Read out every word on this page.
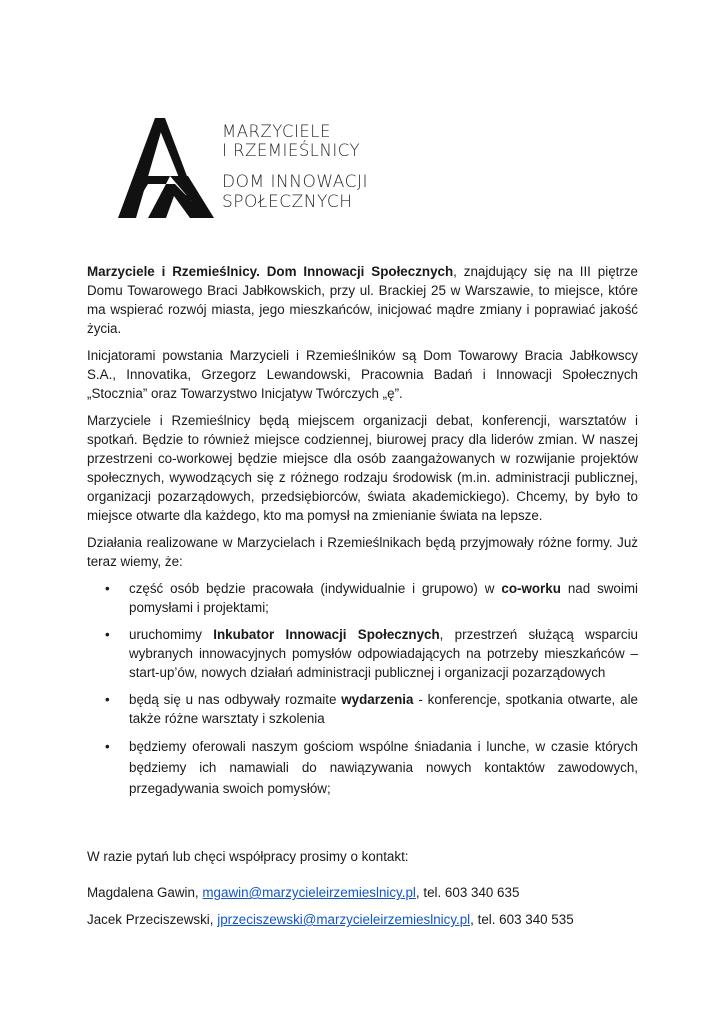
MARZYCIELE
I RZEMIEŚLNICY
DOM INNOWACJI
SPOŁECZNYCH

Marzyciele i Rzemieślnicy. Dom Innowacji Społecznych, znajdujący się na III piętrze Domu Towarowego Braci Jabłkowskich, przy ul. Brackiej 25 w Warszawie, to miejsce, które ma wspierać rozwój miasta, jego mieszkańców, inicjować mądre zmiany i poprawiać jakość życia.

Inicjatorami powstania Marzycieli i Rzemieślników są Dom Towarowy Bracia Jabłkowscy S.A., Innovatika, Grzegorz Lewandowski, Pracownia Badań i Innowacji Społecznych „Stocznia” oraz Towarzystwo Inicjatyw Twórczych „ę”.

Marzyciele i Rzemieślnicy będą miejscem organizacji debat, konferencji, warsztatów i spotkań. Będzie to również miejsce codziennej, biurowej pracy dla liderów zmian. W naszej przestrzeni co-workowej będzie miejsce dla osób zaangażowanych w rozwijanie projektów społecznych, wywodzących się z różnego rodzaju środowisk (m.in. administracji publicznej, organizacji pozarządowych, przedsiębiorców, świata akademickiego). Chcemy, by było to miejsce otwarte dla każdego, kto ma pomysł na zmienianie świata na lepsze.

Działania realizowane w Marzycielach i Rzemieślnikach będą przyjmowały różne formy. Już teraz wiemy, że:

• część osób będzie pracowała (indywidualnie i grupowo) w co-worku nad swoimi pomysłami i projektami;
• uruchomimy Inkubator Innowacji Społecznych, przestrzeń służącą wsparciu wybranych innowacyjnych pomysłów odpowiadających na potrzeby mieszkańców – start-up’ów, nowych działań administracji publicznej i organizacji pozarządowych
• będą się u nas odbywały rozmaite wydarzenia - konferencje, spotkania otwarte, ale także różne warsztaty i szkolenia
• będziemy oferowali naszym gościom wspólne śniadania i lunche, w czasie których będziemy ich namawiali do nawiązywania nowych kontaktów zawodowych, przegadywania swoich pomysłów;

W razie pytań lub chęci współpracy prosimy o kontakt:

Magdalena Gawin, mgawin@marzycieleirzemieslnicy.pl, tel. 603 340 635

Jacek Przeciszewski, jprzeciszewski@marzycieleirzemieslnicy.pl, tel. 603 340 535
